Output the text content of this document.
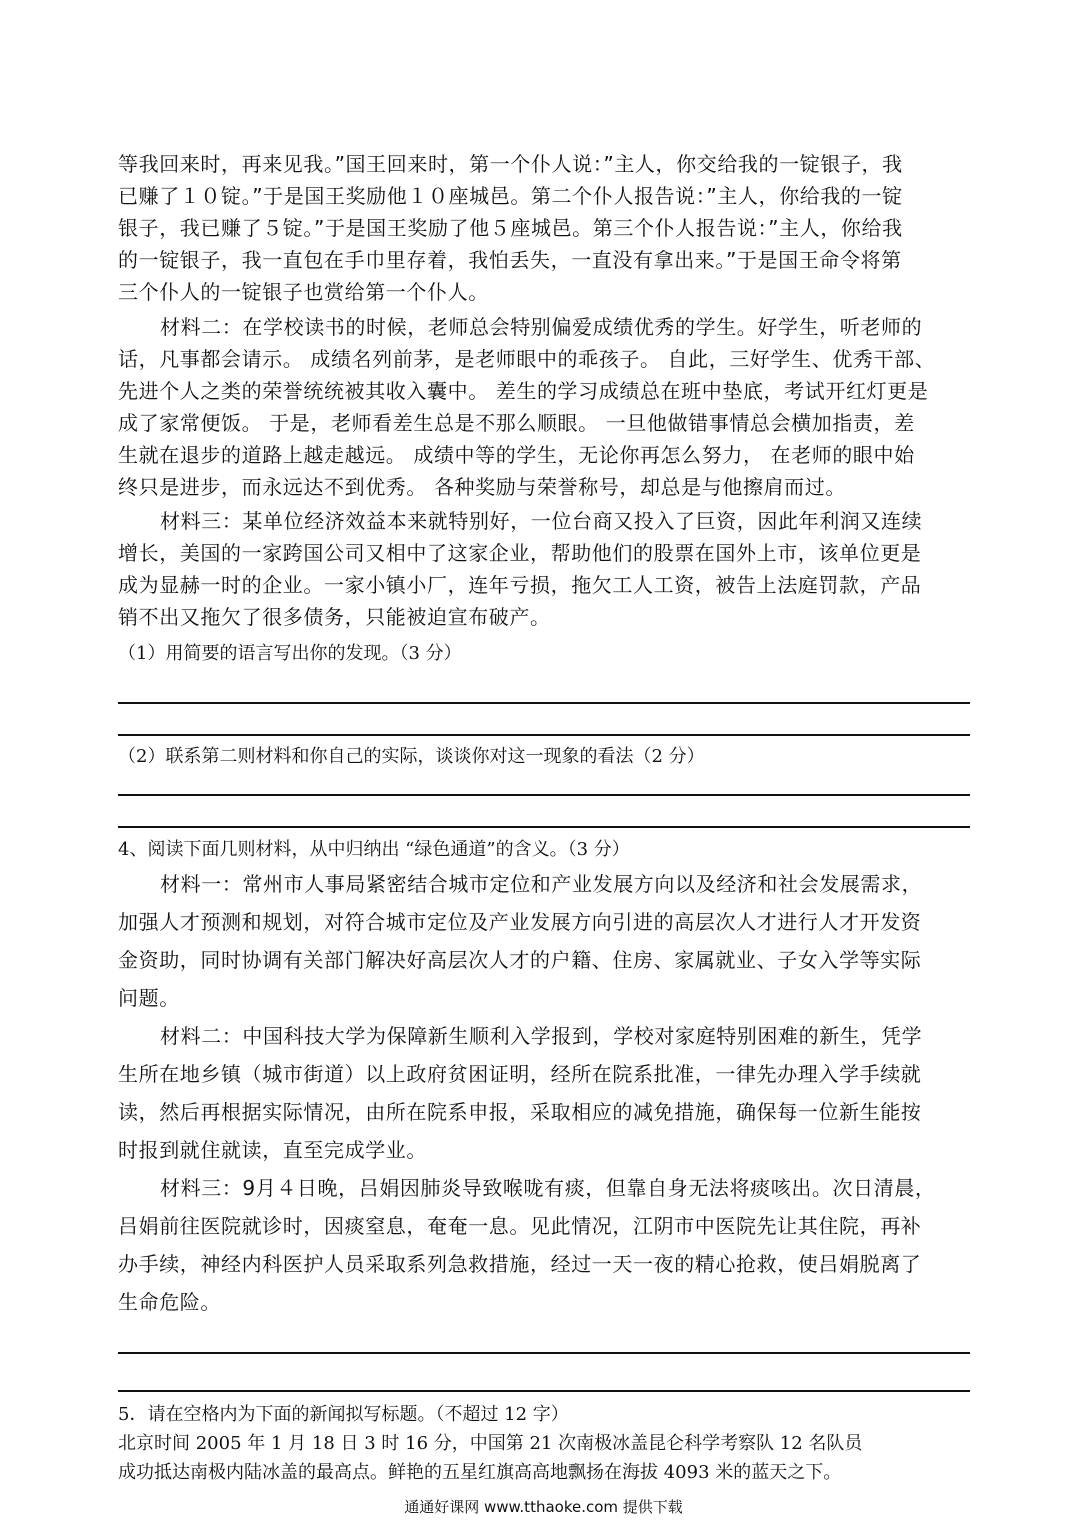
等我回来时，再来见我。”国王回来时，第一个仆人说：”主人，你交给我的一锭银子，我
已赚了１０锭。”于是国王奖励他１０座城邑。第二个仆人报告说：”主人，你给我的一锭
银子，我已赚了５锭。”于是国王奖励了他５座城邑。第三个仆人报告说：”主人，你给我
的一锭银子，我一直包在手巾里存着，我怕丢失，一直没有拿出来。”于是国王命令将第
三个仆人的一锭银子也赏给第一个仆人。
材料二：在学校读书的时候，老师总会特别偏爱成绩优秀的学生。好学生，听老师的
话，凡事都会请示。 成绩名列前茅，是老师眼中的乖孩子。 自此，三好学生、优秀干部、
先进个人之类的荣誉统统被其收入囊中。 差生的学习成绩总在班中垫底，考试开红灯更是
成了家常便饭。 于是，老师看差生总是不那么顺眼。 一旦他做错事情总会横加指责，差
生就在退步的道路上越走越远。 成绩中等的学生，无论你再怎么努力， 在老师的眼中始
终只是进步，而永远达不到优秀。 各种奖励与荣誉称号，却总是与他擦肩而过。
材料三：某单位经济效益本来就特别好，一位台商又投入了巨资，因此年利润又连续
增长，美国的一家跨国公司又相中了这家企业，帮助他们的股票在国外上市，该单位更是
成为显赫一时的企业。一家小镇小厂，连年亏损，拖欠工人工资，被告上法庭罚款，产品
销不出又拖欠了很多债务，只能被迫宣布破产。
（1）用简要的语言写出你的发现。（3 分）
（2）联系第二则材料和你自己的实际，谈谈你对这一现象的看法（2 分）
4、阅读下面几则材料，从中归纳出 “绿色通道”的含义。（3 分）
材料一：常州市人事局紧密结合城市定位和产业发展方向以及经济和社会发展需求，
加强人才预测和规划，对符合城市定位及产业发展方向引进的高层次人才进行人才开发资
金资助，同时协调有关部门解决好高层次人才的户籍、住房、家属就业、子女入学等实际
问题。
材料二：中国科技大学为保障新生顺利入学报到，学校对家庭特别困难的新生，凭学
生所在地乡镇（城市街道）以上政府贫困证明，经所在院系批准，一律先办理入学手续就
读，然后再根据实际情况，由所在院系申报，采取相应的减免措施，确保每一位新生能按
时报到就住就读，直至完成学业。
材料三：9月４日晚，吕娟因肺炎导致喉咙有痰，但靠自身无法将痰咳出。次日清晨，
吕娟前往医院就诊时，因痰窒息，奄奄一息。见此情况，江阴市中医院先让其住院，再补
办手续，神经内科医护人员采取系列急救措施，经过一天一夜的精心抢救，使吕娟脱离了
生命危险。
5．请在空格内为下面的新闻拟写标题。（不超过 12 字）
北京时间 2005 年 1 月 18 日 3 时 16 分，中国第 21 次南极冰盖昆仑科学考察队 12 名队员
成功抵达南极内陆冰盖的最高点。鲜艳的五星红旗高高地飘扬在海拔 4093 米的蓝天之下。
通通好课网 www.tthaoke.com 提供下载
